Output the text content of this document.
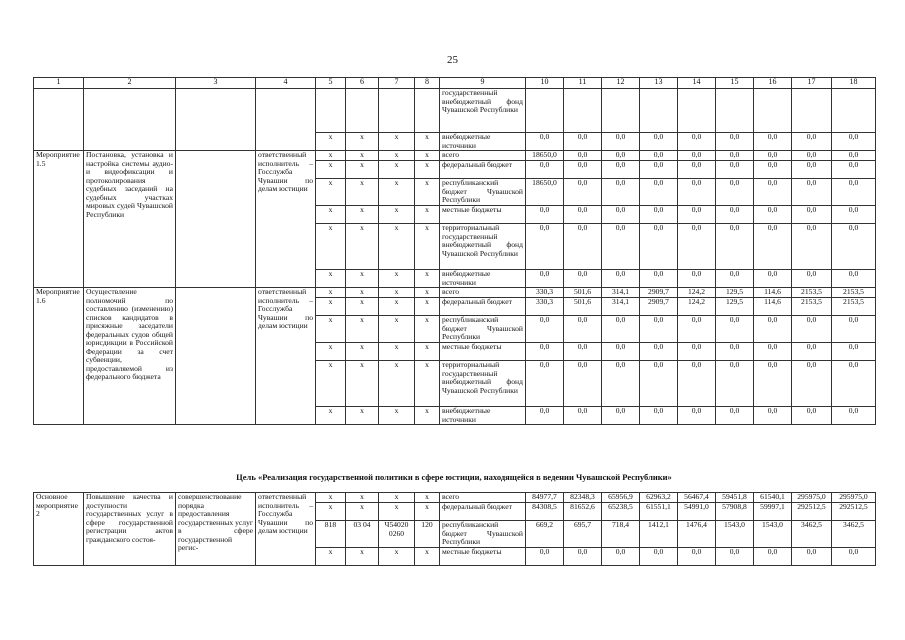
25
1	2	3	4	5	6	7	8	9	10	11	12	13	14	15	16	17	18
								государственный внебюджетный фонд Чувашской Республики									
				x	x	x	x	внебюджетные источники	0,0	0,0	0,0	0,0	0,0	0,0	0,0	0,0	0,0
Мероприятие 1.5	Постановка, установка и настройка системы аудио- и видеофиксации и протоколирования судебных заседаний на судебных участках мировых судей Чувашской Республики		ответственный исполнитель – Госслужба Чувашии по делам юстиции	x	x	x	x	всего	18650,0	0,0	0,0	0,0	0,0	0,0	0,0	0,0	0,0
				x	x	x	x	федеральный бюджет	0,0	0,0	0,0	0,0	0,0	0,0	0,0	0,0	0,0
				x	x	x	x	республиканский бюджет Чувашской Республики	18650,0	0,0	0,0	0,0	0,0	0,0	0,0	0,0	0,0
				x	x	x	x	местные бюджеты	0,0	0,0	0,0	0,0	0,0	0,0	0,0	0,0	0,0
				x	x	x	x	территориальный государственный внебюджетный фонд Чувашской Республики	0,0	0,0	0,0	0,0	0,0	0,0	0,0	0,0	0,0
				x	x	x	x	внебюджетные источники	0,0	0,0	0,0	0,0	0,0	0,0	0,0	0,0	0,0
Мероприятие 1.6	Осуществление полномочий по составлению (изменению) списков кандидатов в присяжные заседатели федеральных судов общей юрисдикции в Российской Федерации за счет субвенции, предоставляемой из федерального бюджета		ответственный исполнитель – Госслужба Чувашии по делам юстиции	x	x	x	x	всего	330,3	501,6	314,1	2909,7	124,2	129,5	114,6	2153,5	2153,5
				x	x	x	x	федеральный бюджет	330,3	501,6	314,1	2909,7	124,2	129,5	114,6	2153,5	2153,5
				x	x	x	x	республиканский бюджет Чувашской Республики	0,0	0,0	0,0	0,0	0,0	0,0	0,0	0,0	0,0
				x	x	x	x	местные бюджеты	0,0	0,0	0,0	0,0	0,0	0,0	0,0	0,0	0,0
				x	x	x	x	территориальный государственный внебюджетный фонд Чувашской Республики	0,0	0,0	0,0	0,0	0,0	0,0	0,0	0,0	0,0
				x	x	x	x	внебюджетные источники	0,0	0,0	0,0	0,0	0,0	0,0	0,0	0,0	0,0
Цель «Реализация государственной политики в сфере юстиции, находящейся в ведении Чувашской Республики»
Основное мероприятие 2	Повышение качества и доступности государственных услуг в сфере государственной регистрации актов гражданского состоя-	совершенствование порядка предоставления государственных услуг в сфере государственной регис-	ответственный исполнитель – Госслужба Чувашии по делам юстиции	x	x	x	x	всего	84977,7	82348,3	65956,9	62963,2	56467,4	59451,8	61540,1	295975,0	295975,0
				x	x	x	x	федеральный бюджет	84308,5	81652,6	65238,5	61551,1	54991,0	57908,8	59997,1	292512,5	292512,5
				818	03 04	Ч54020 0260	120	республиканский бюджет Чувашской Республики	669,2	695,7	718,4	1412,1	1476,4	1543,0	1543,0	3462,5	3462,5
				x	x	x	x	местные бюджеты	0,0	0,0	0,0	0,0	0,0	0,0	0,0	0,0	0,0
